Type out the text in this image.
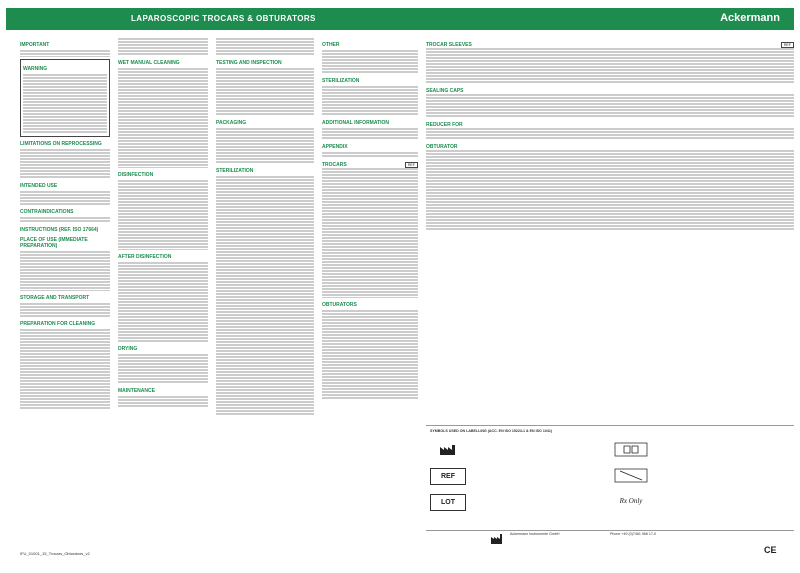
LAPAROSCOPIC TROCARS & OBTURATORS	Ackermann
IMPORTANT
WARNING
LIMITATIONS ON REPROCESSING
INTENDED USE
CONTRAINDICATIONS
INSTRUCTIONS (REF. ISO 17664)
PLACE OF USE (IMMEDIATE PREPARATION)
STORAGE AND TRANSPORT
PREPARATION FOR CLEANING
WET MANUAL CLEANING
DISINFECTION
AFTER DISINFECTION
DRYING
MAINTENANCE
TESTING AND INSPECTION
PACKAGING
STERILIZATION
OTHER
STERILIZATION
ADDITIONAL INFORMATION
APPENDIX
TROCARS	REF
OBTURATORS
TROCAR SLEEVES	REF
SEALING CAPS
REDUCER FOR
OBTURATOR
SYMBOLS USED ON LABELLING (ACC. EN ISO 15223-1 & EN ISO 1041)
REF
LOT	Rx Only
IFU_01001_15_Trocars_Obturators_v2
Ackermann Instrumente GmbH	Phone +49 (0)7461 966 17-0
CE
